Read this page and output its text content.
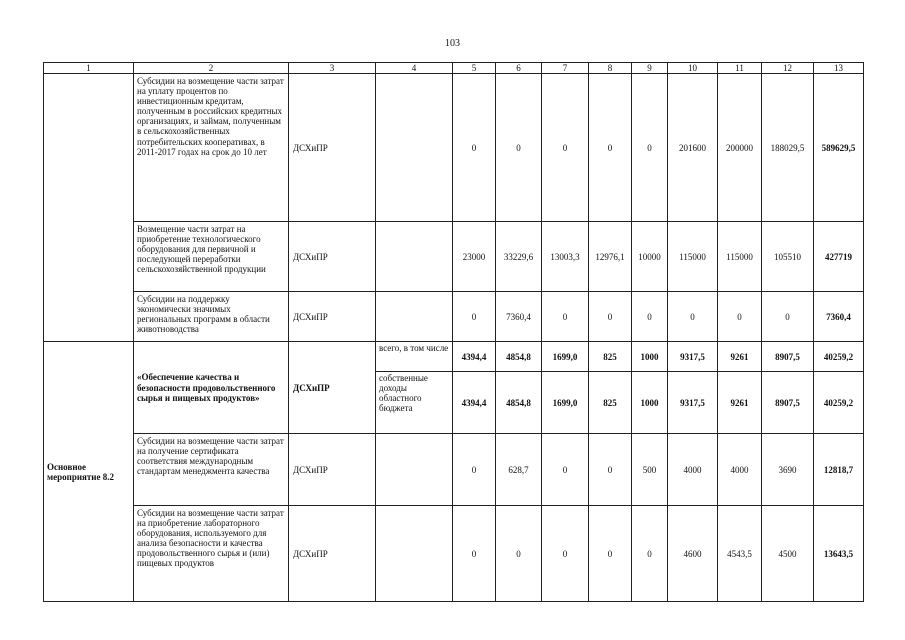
103
1	2	3	4	5	6	7	8	9	10	11	12	13
	Субсидии на возмещение части затрат на уплату процентов по инвестиционным кредитам, полученным в российских кредитных организациях, и займам, полученным в сельскохозяйственных потребительских кооперативах, в 2011-2017 годах на срок до 10 лет	ДСХиПР		0	0	0	0	0	201600	200000	188029,5	589629,5
	Возмещение части затрат на приобретение технологического оборудования для первичной и последующей переработки сельскохозяйственной продукции	ДСХиПР		23000	33229,6	13003,3	12976,1	10000	115000	115000	105510	427719
	Субсидии на поддержку экономически значимых региональных программ в области животноводства	ДСХиПР		0	7360,4	0	0	0	0	0	0	7360,4
Основное мероприятие 8.2	«Обеспечение качества и безопасности продовольственного сырья и пищевых продуктов»	ДСХиПР	всего, в том числе	4394,4	4854,8	1699,0	825	1000	9317,5	9261	8907,5	40259,2
			собственные доходы областного бюджета	4394,4	4854,8	1699,0	825	1000	9317,5	9261	8907,5	40259,2
	Субсидии на возмещение части затрат на получение сертификата соответствия международным стандартам менеджмента качества	ДСХиПР		0	628,7	0	0	500	4000	4000	3690	12818,7
	Субсидии на возмещение части затрат на приобретение лабораторного оборудования, используемого для анализа безопасности и качества продовольственного сырья и (или) пищевых продуктов	ДСХиПР		0	0	0	0	0	4600	4543,5	4500	13643,5
